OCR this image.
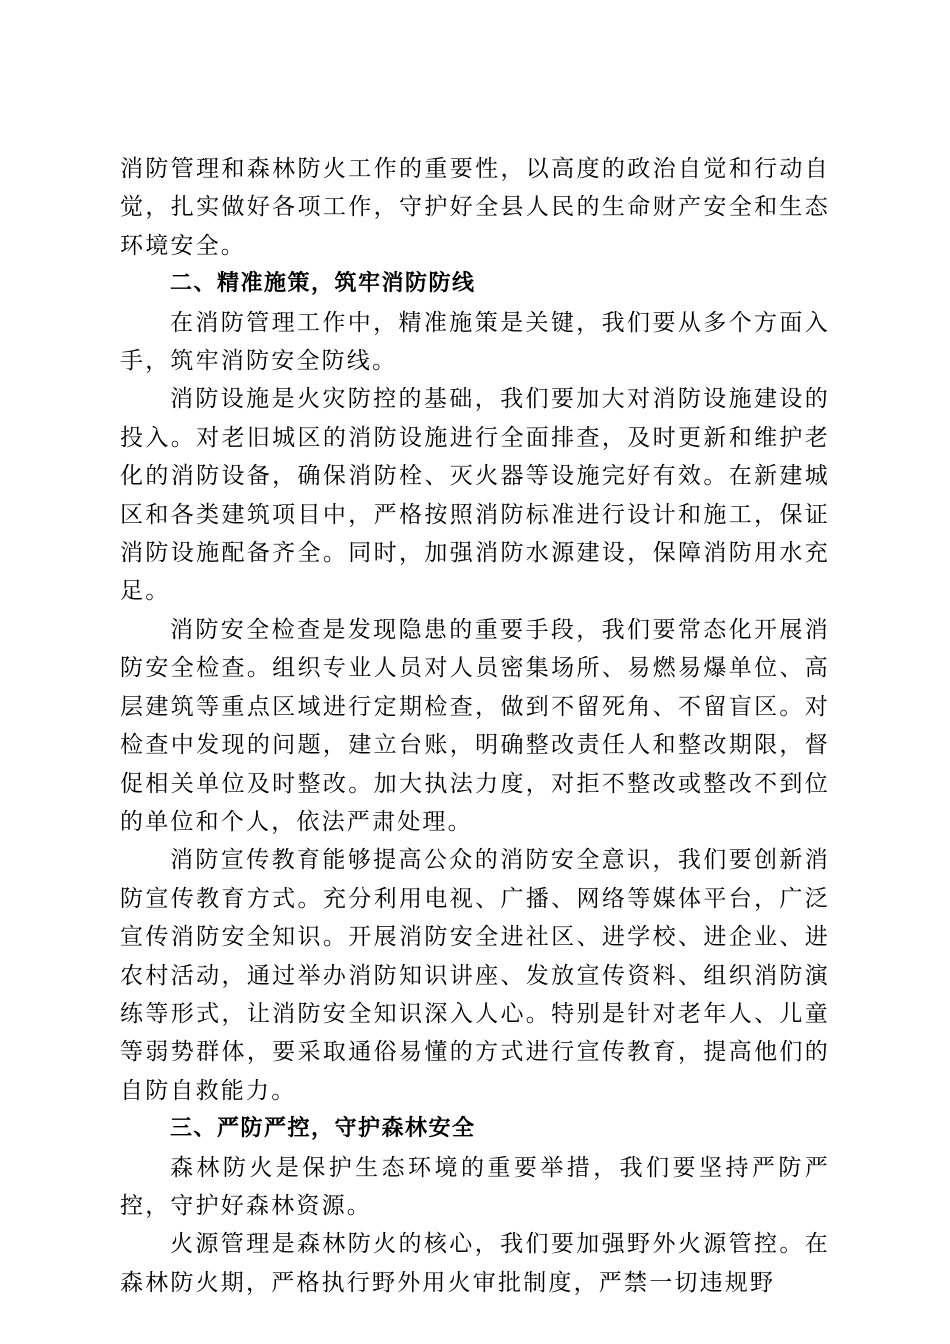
消防管理和森林防火工作的重要性，以高度的政治自觉和行动自觉，扎实做好各项工作，守护好全县人民的生命财产安全和生态环境安全。

二、精准施策，筑牢消防防线

在消防管理工作中，精准施策是关键，我们要从多个方面入手，筑牢消防安全防线。

消防设施是火灾防控的基础，我们要加大对消防设施建设的投入。对老旧城区的消防设施进行全面排查，及时更新和维护老化的消防设备，确保消防栓、灭火器等设施完好有效。在新建城区和各类建筑项目中，严格按照消防标准进行设计和施工，保证消防设施配备齐全。同时，加强消防水源建设，保障消防用水充足。

消防安全检查是发现隐患的重要手段，我们要常态化开展消防安全检查。组织专业人员对人员密集场所、易燃易爆单位、高层建筑等重点区域进行定期检查，做到不留死角、不留盲区。对检查中发现的问题，建立台账，明确整改责任人和整改期限，督促相关单位及时整改。加大执法力度，对拒不整改或整改不到位的单位和个人，依法严肃处理。

消防宣传教育能够提高公众的消防安全意识，我们要创新消防宣传教育方式。充分利用电视、广播、网络等媒体平台，广泛宣传消防安全知识。开展消防安全进社区、进学校、进企业、进农村活动，通过举办消防知识讲座、发放宣传资料、组织消防演练等形式，让消防安全知识深入人心。特别是针对老年人、儿童等弱势群体，要采取通俗易懂的方式进行宣传教育，提高他们的自防自救能力。

三、严防严控，守护森林安全

森林防火是保护生态环境的重要举措，我们要坚持严防严控，守护好森林资源。

火源管理是森林防火的核心，我们要加强野外火源管控。在森林防火期，严格执行野外用火审批制度，严禁一切违规野
